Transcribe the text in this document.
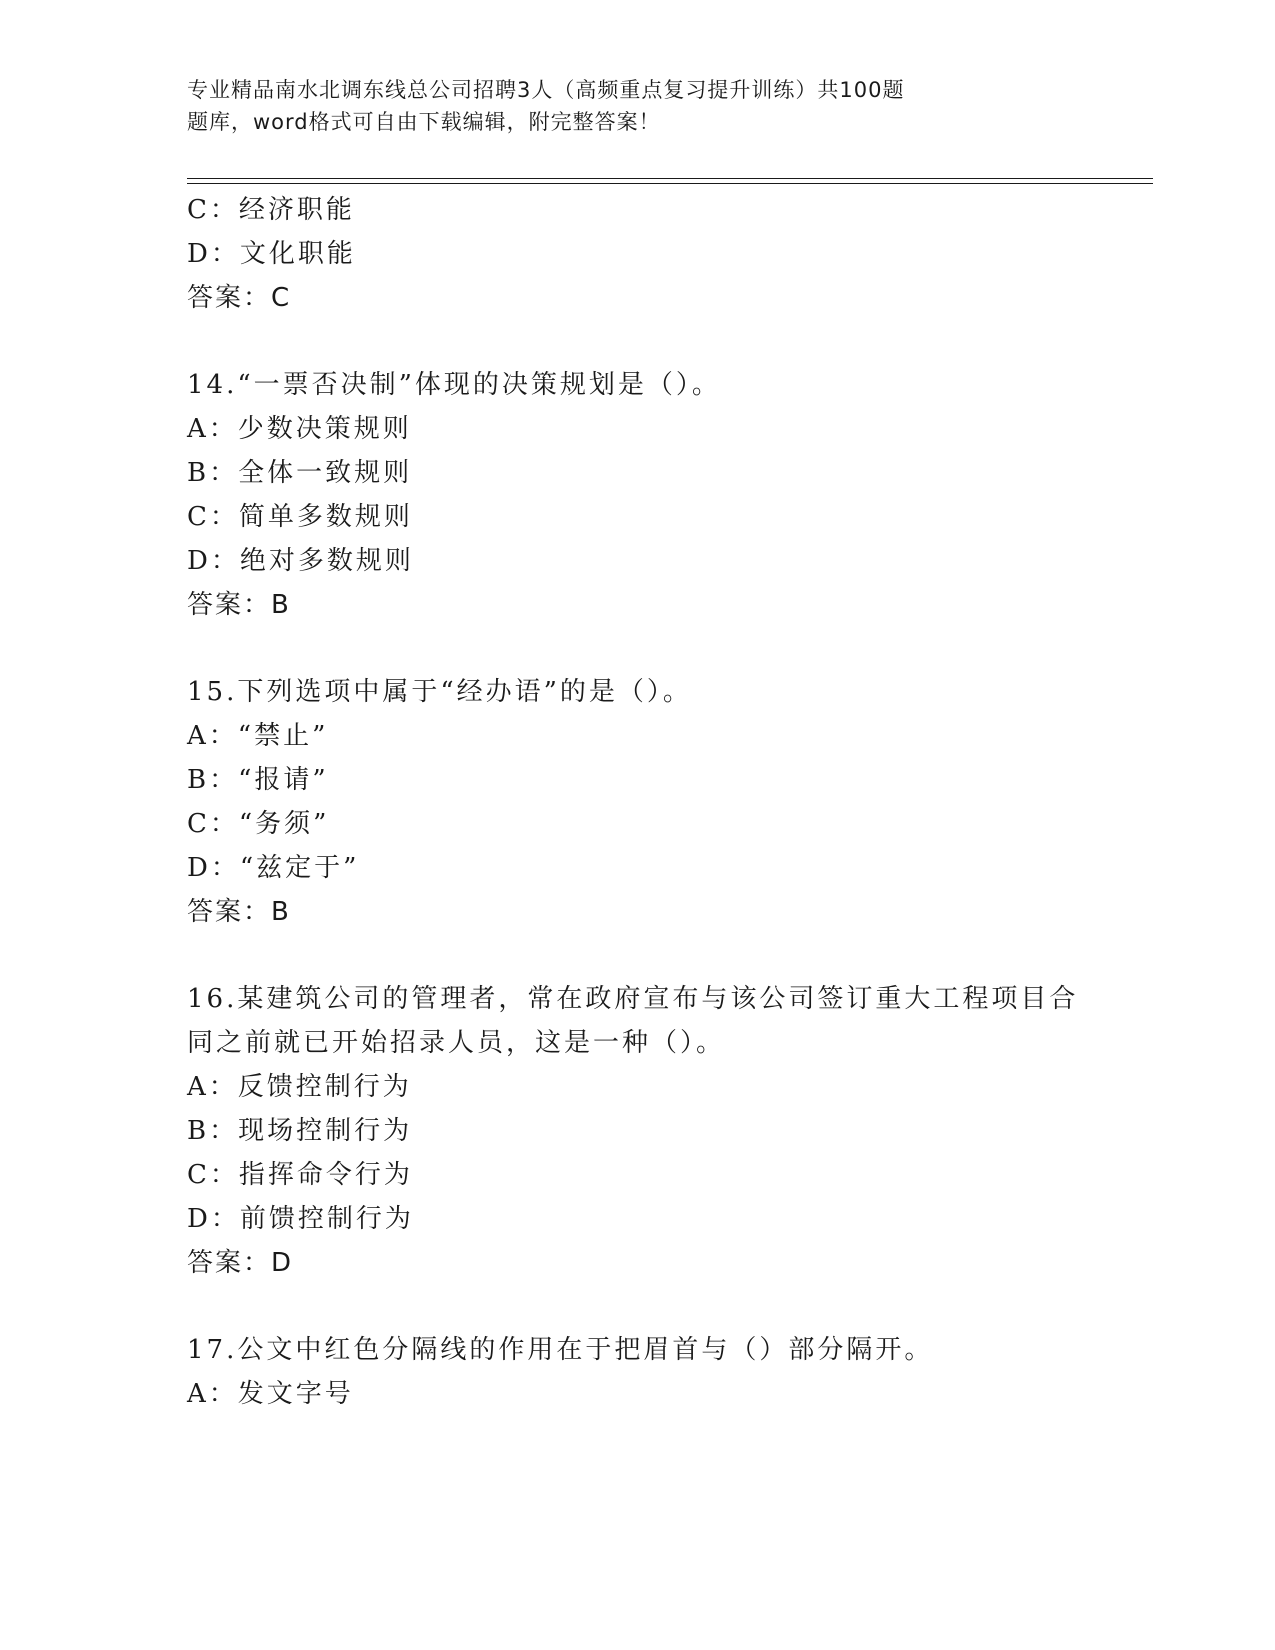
专业精品南水北调东线总公司招聘3人（高频重点复习提升训练）共100题
题库，word格式可自由下载编辑，附完整答案！
C：经济职能
D：文化职能
答案：C
14.“一票否决制”体现的决策规划是（）。
A：少数决策规则
B：全体一致规则
C：简单多数规则
D：绝对多数规则
答案：B
15.下列选项中属于“经办语”的是（）。
A：“禁止”
B：“报请”
C：“务须”
D：“兹定于”
答案：B
16.某建筑公司的管理者，常在政府宣布与该公司签订重大工程项目合
同之前就已开始招录人员，这是一种（）。
A：反馈控制行为
B：现场控制行为
C：指挥命令行为
D：前馈控制行为
答案：D
17.公文中红色分隔线的作用在于把眉首与（）部分隔开。
A：发文字号
